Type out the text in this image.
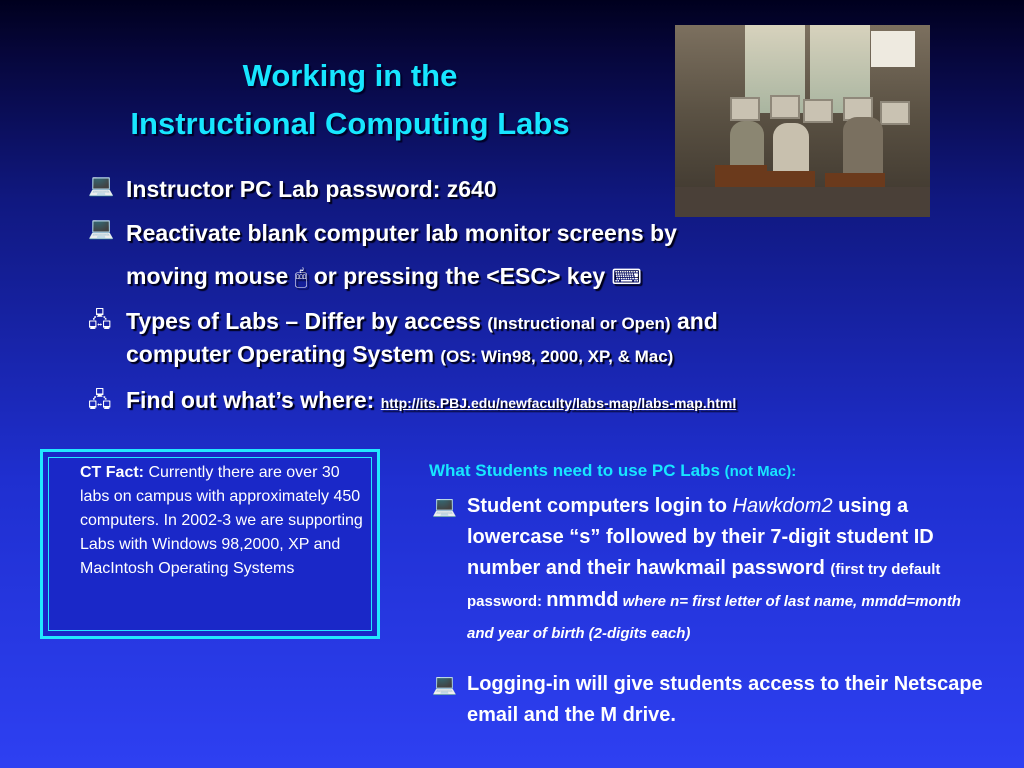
Working in the
Instructional Computing Labs
💻 Instructor PC Lab password: z640
💻 Reactivate blank computer lab monitor screens by
moving mouse 🖱 or pressing the <ESC> key ⌨
🖧 Types of Labs – Differ by access (Instructional or Open) and
computer Operating System (OS: Win98, 2000, XP, & Mac)
🖧 Find out what’s where: http://its.PBJ.edu/newfaculty/labs-map/labs-map.html
CT Fact: Currently there are over 30 labs on campus with approximately 450 computers. In 2002-3 we are supporting Labs with Windows 98,2000, XP and MacIntosh Operating Systems
What Students need to use PC Labs (not Mac):
💻 Student computers login to Hawkdom2 using a lowercase “s” followed by their 7-digit student ID number and their hawkmail password (first try default password: nmmdd where n= first letter of last name, mmdd=month and year of birth (2-digits each)
💻 Logging-in will give students access to their Netscape email and the M drive.
